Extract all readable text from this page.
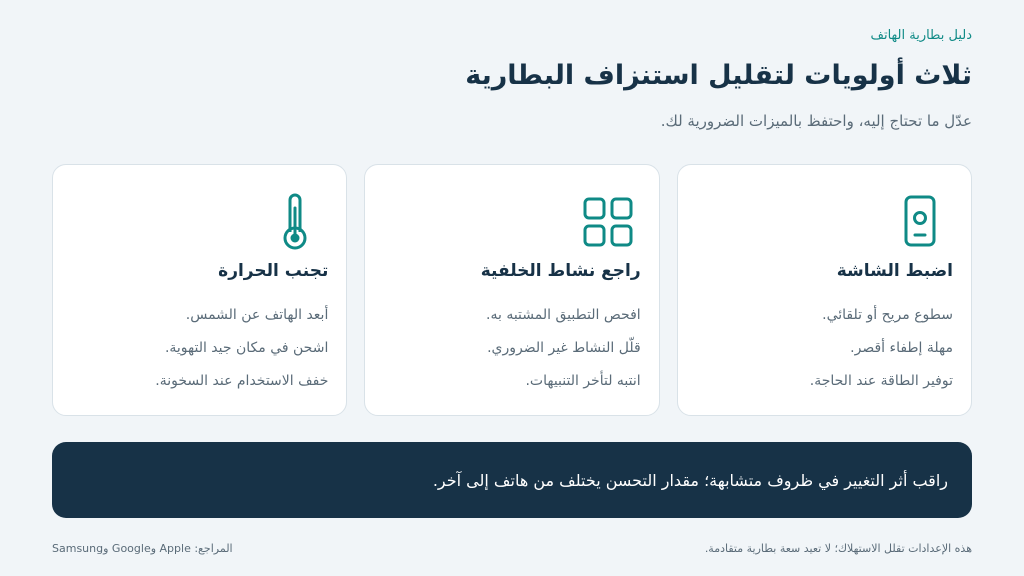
دليل بطارية الهاتف
ثلاث أولويات لتقليل استنزاف البطارية

عدّل ما تحتاج إليه، واحتفظ بالميزات الضرورية لك.

اضبط الشاشة
سطوع مريح أو تلقائي.
مهلة إطفاء أقصر.
توفير الطاقة عند الحاجة.
راجع نشاط الخلفية
افحص التطبيق المشتبه به.
قلّل النشاط غير الضروري.
انتبه لتأخر التنبيهات.
تجنب الحرارة
أبعد الهاتف عن الشمس.
اشحن في مكان جيد التهوية.
خفف الاستخدام عند السخونة.
راقب أثر التغيير في ظروف متشابهة؛ مقدار التحسن يختلف من هاتف إلى آخر.
هذه الإعدادات تقلل الاستهلاك؛ لا تعيد سعة بطارية متقادمة.
المراجع: Apple وGoogle وSamsung
